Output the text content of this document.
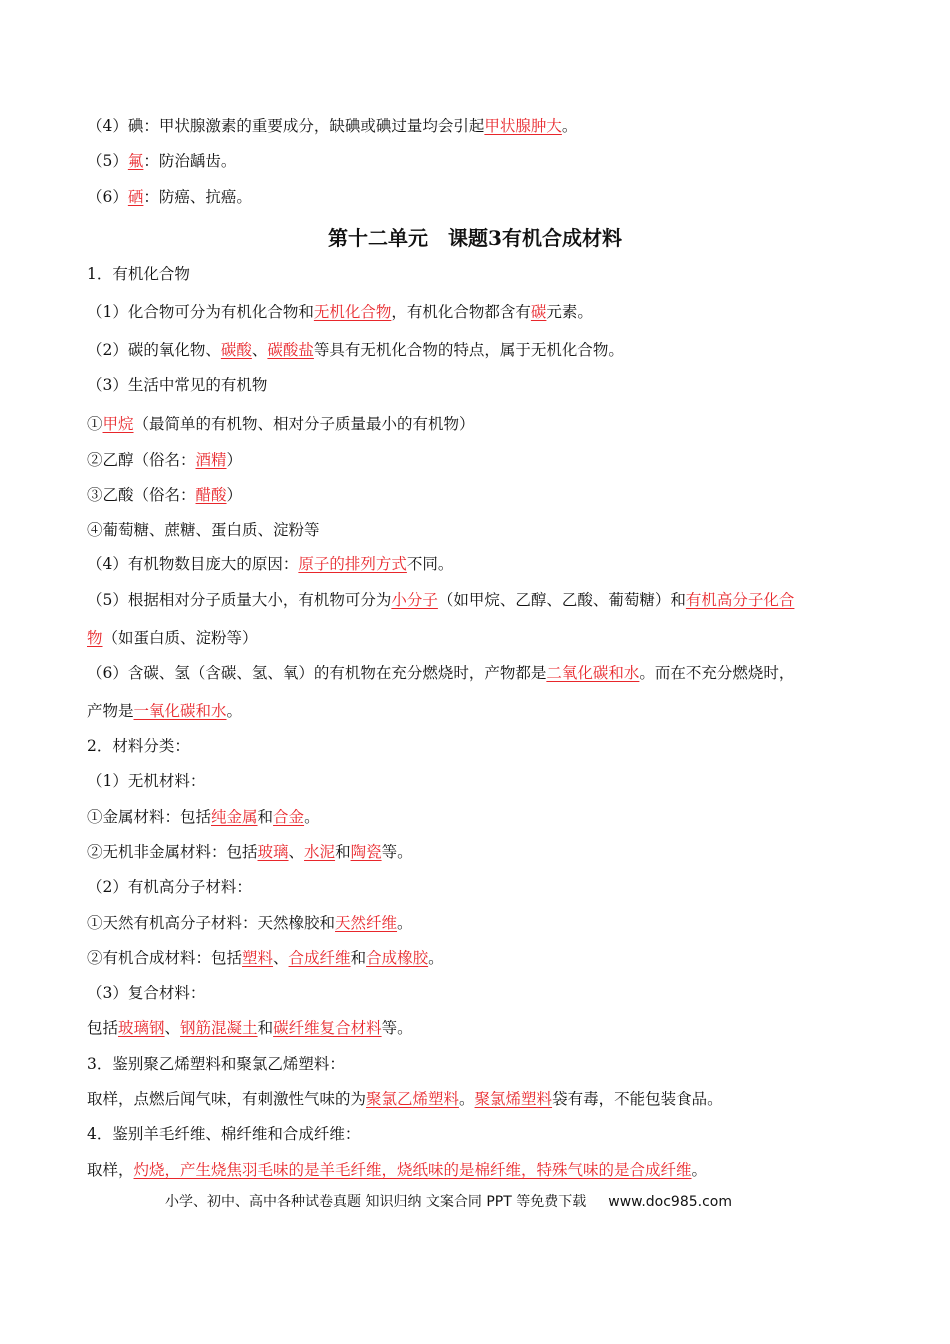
第十二单元　课题3有机合成材料
小学、初中、高中各种试卷真题 知识归纳 文案合同 PPT 等免费下载 www.doc985.com
（4）碘：甲状腺激素的重要成分，缺碘或碘过量均会引起甲状腺肿大。
（5）氟：防治龋齿。
（6）硒：防癌、抗癌。
1．有机化合物
（1）化合物可分为有机化合物和无机化合物，有机化合物都含有碳元素。
（2）碳的氧化物、碳酸、碳酸盐等具有无机化合物的特点，属于无机化合物。
（3）生活中常见的有机物
①甲烷（最简单的有机物、相对分子质量最小的有机物）
②乙醇（俗名：酒精）
③乙酸（俗名：醋酸）
④葡萄糖、蔗糖、蛋白质、淀粉等
（4）有机物数目庞大的原因：原子的排列方式不同。
（5）根据相对分子质量大小，有机物可分为小分子（如甲烷、乙醇、乙酸、葡萄糖）和有机高分子化合
物（如蛋白质、淀粉等）
（6）含碳、氢（含碳、氢、氧）的有机物在充分燃烧时，产物都是二氧化碳和水。而在不充分燃烧时，
产物是一氧化碳和水。
2．材料分类：
（1）无机材料：
①金属材料：包括纯金属和合金。
②无机非金属材料：包括玻璃、水泥和陶瓷等。
（2）有机高分子材料：
①天然有机高分子材料：天然橡胶和天然纤维。
②有机合成材料：包括塑料、合成纤维和合成橡胶。
（3）复合材料：
包括玻璃钢、钢筋混凝土和碳纤维复合材料等。
3．鉴别聚乙烯塑料和聚氯乙烯塑料：
取样，点燃后闻气味，有刺激性气味的为聚氯乙烯塑料。聚氯烯塑料袋有毒，不能包装食品。
4．鉴别羊毛纤维、棉纤维和合成纤维：
取样，灼烧，产生烧焦羽毛味的是羊毛纤维，烧纸味的是棉纤维，特殊气味的是合成纤维。
